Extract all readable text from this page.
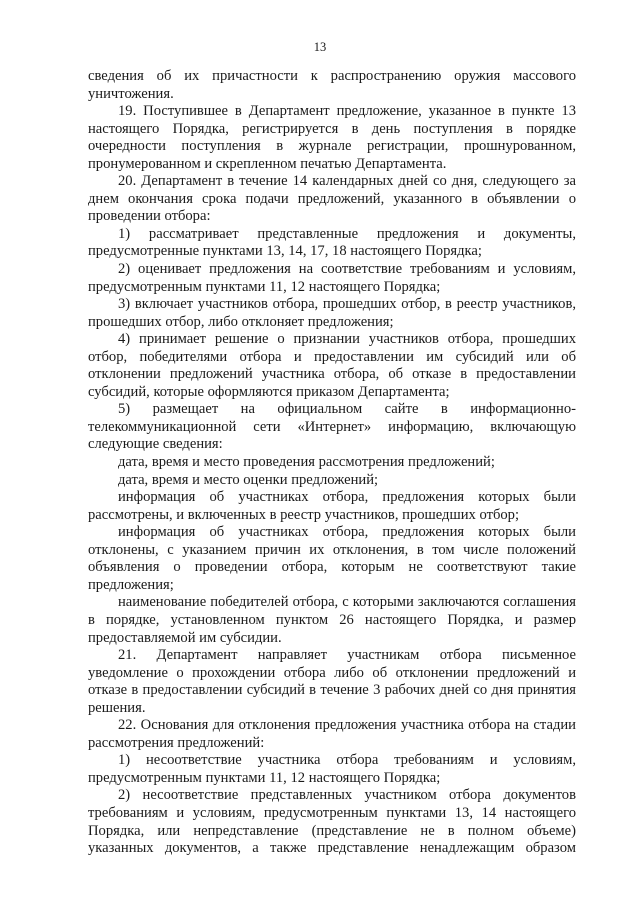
13

сведения об их причастности к распространению оружия массового уничтожения.

19. Поступившее в Департамент предложение, указанное в пункте 13 настоящего Порядка, регистрируется в день поступления в порядке очередности поступления в журнале регистрации, прошнурованном, пронумерованном и скрепленном печатью Департамента.

20. Департамент в течение 14 календарных дней со дня, следующего за днем окончания срока подачи предложений, указанного в объявлении о проведении отбора:

1) рассматривает представленные предложения и документы, предусмотренные пунктами 13, 14, 17, 18 настоящего Порядка;

2) оценивает предложения на соответствие требованиям и условиям, предусмотренным пунктами 11, 12 настоящего Порядка;

3) включает участников отбора, прошедших отбор, в реестр участников, прошедших отбор, либо отклоняет предложения;

4) принимает решение о признании участников отбора, прошедших отбор, победителями отбора и предоставлении им субсидий или об отклонении предложений участника отбора, об отказе в предоставлении субсидий, которые оформляются приказом Департамента;

5) размещает на официальном сайте в информационно-телекоммуникационной сети «Интернет» информацию, включающую следующие сведения:

дата, время и место проведения рассмотрения предложений;

дата, время и место оценки предложений;

информация об участниках отбора, предложения которых были рассмотрены, и включенных в реестр участников, прошедших отбор;

информация об участниках отбора, предложения которых были отклонены, с указанием причин их отклонения, в том числе положений объявления о проведении отбора, которым не соответствуют такие предложения;

наименование победителей отбора, с которыми заключаются соглашения в порядке, установленном пунктом 26 настоящего Порядка, и размер предоставляемой им субсидии.

21. Департамент направляет участникам отбора письменное уведомление о прохождении отбора либо об отклонении предложений и отказе в предоставлении субсидий в течение 3 рабочих дней со дня принятия решения.

22. Основания для отклонения предложения участника отбора на стадии рассмотрения предложений:

1) несоответствие участника отбора требованиям и условиям, предусмотренным пунктами 11, 12 настоящего Порядка;

2) несоответствие представленных участником отбора документов требованиям и условиям, предусмотренным пунктами 13, 14 настоящего Порядка, или непредставление (представление не в полном объеме) указанных документов, а также представление ненадлежащим образом
